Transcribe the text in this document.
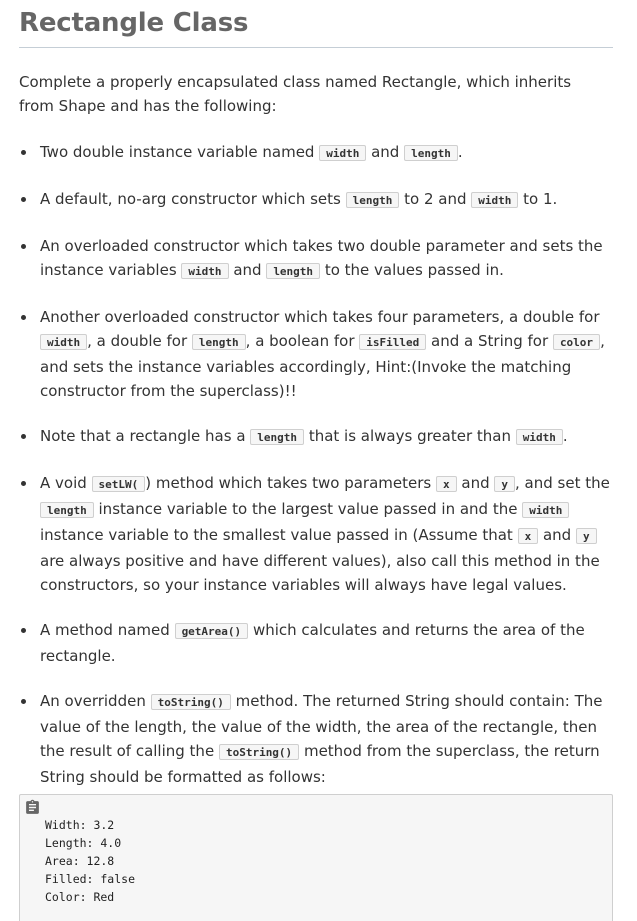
Rectangle Class

Complete a properly encapsulated class named Rectangle, which inherits from Shape and has the following:

Two double instance variable named width and length .
A default, no-arg constructor which sets length to 2 and width to 1.
An overloaded constructor which takes two double parameter and sets the instance variables width and length to the values passed in.
Another overloaded constructor which takes four parameters, a double for width , a double for length , a boolean for isFilled and a String for color , and sets the instance variables accordingly, Hint:(Invoke the matching constructor from the superclass)!!
Note that a rectangle has a length that is always greater than width .
A void setLW( ) method which takes two parameters x and y , and set the length instance variable to the largest value passed in and the width instance variable to the smallest value passed in (Assume that x and y are always positive and have different values), also call this method in the constructors, so your instance variables will always have legal values.
A method named getArea() which calculates and returns the area of the rectangle.
An overridden toString() method. The returned String should contain: The value of the length, the value of the width, the area of the rectangle, then the result of calling the toString() method from the superclass, the return String should be formatted as follows:
Width: 3.2
Length: 4.0
Area: 12.8
Filled: false
Color: Red
